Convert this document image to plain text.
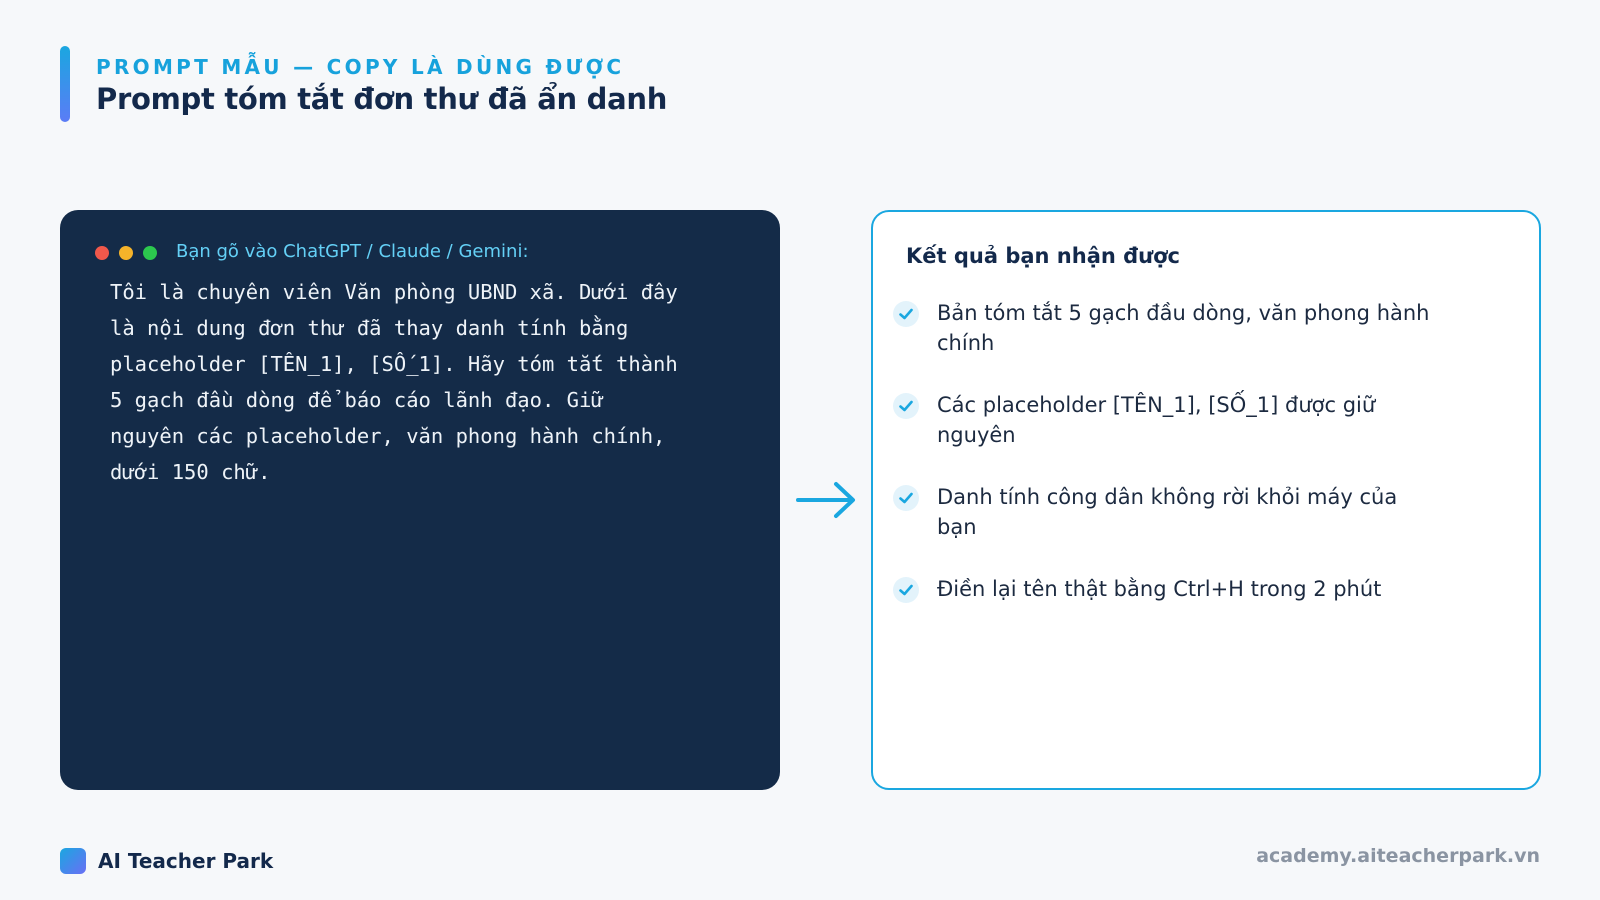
PROMPT MẪU — COPY LÀ DÙNG ĐƯỢC
Prompt tóm tắt đơn thư đã ẩn danh
Bạn gõ vào ChatGPT / Claude / Gemini:
Tôi là chuyên viên Văn phòng UBND xã. Dưới đây là nội dung đơn thư đã thay danh tính bằng placeholder [TÊN_1], [SỐ_1]. Hãy tóm tắt thành 5 gạch đầu dòng để báo cáo lãnh đạo. Giữ nguyên các placeholder, văn phong hành chính, dưới 150 chữ.
Kết quả bạn nhận được
Bản tóm tắt 5 gạch đầu dòng, văn phong hành chính
Các placeholder [TÊN_1], [SỐ_1] được giữ nguyên
Danh tính công dân không rời khỏi máy của bạn
Điền lại tên thật bằng Ctrl+H trong 2 phút
AI Teacher Park	academy.aiteacherpark.vn
